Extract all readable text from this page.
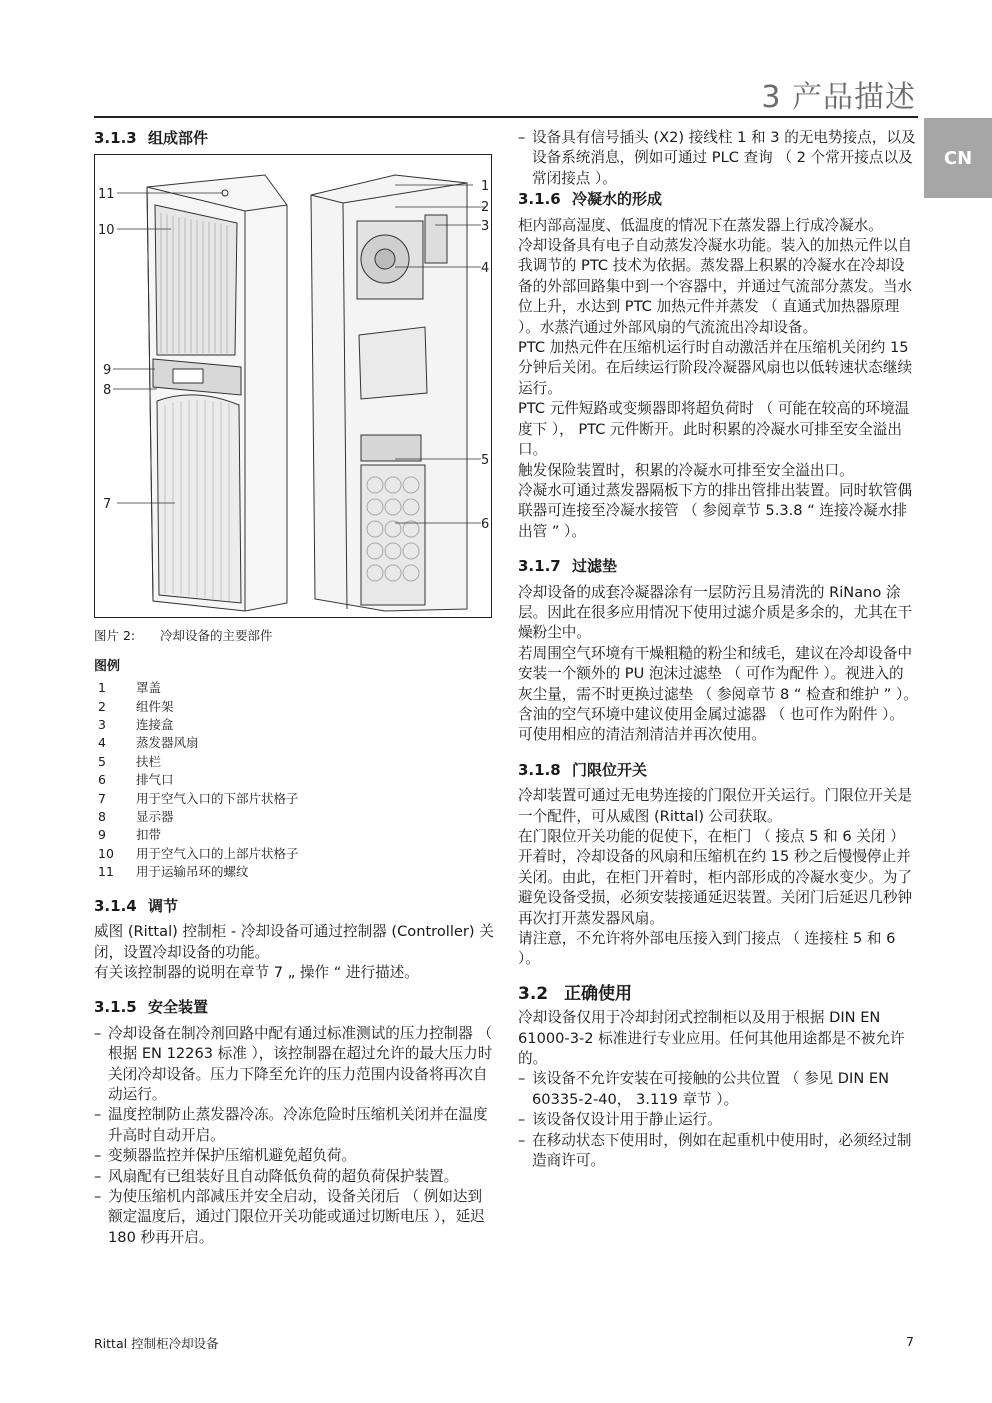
3 产品描述
CN
3.1.3 组成部件
11
10
9
8
7
1
2
3
4
5
6
图片 2: 冷却设备的主要部件
图例
1	罩盖
2	组件架
3	连接盒
4	蒸发器风扇
5	扶栏
6	排气口
7	用于空气入口的下部片状格子
8	显示器
9	扣带
10	用于空气入口的上部片状格子
11	用于运输吊环的螺纹
3.1.4 调节

威图 (Rittal) 控制柜 - 冷却设备可通过控制器 (Controller) 关闭，设置冷却设备的功能。

有关该控制器的说明在章节 7 „ 操作 “ 进行描述。

3.1.5 安全装置
– 冷却设备在制冷剂回路中配有通过标准测试的压力控制器 （ 根据 EN 12263 标准 ），该控制器在超过允许的最大压力时关闭冷却设备。压力下降至允许的压力范围内设备将再次自动运行。
– 温度控制防止蒸发器冷冻。冷冻危险时压缩机关闭并在温度升高时自动开启。
– 变频器监控并保护压缩机避免超负荷。
– 风扇配有已组装好且自动降低负荷的超负荷保护装置。
– 为使压缩机内部减压并安全启动，设备关闭后 （ 例如达到额定温度后，通过门限位开关功能或通过切断电压 ），延迟 180 秒再开启。
– 设备具有信号插头 (X2) 接线柱 1 和 3 的无电势接点，以及设备系统消息，例如可通过 PLC 查询 （ 2 个常开接点以及常闭接点 ）。
3.1.6 冷凝水的形成

柜内部高湿度、低温度的情况下在蒸发器上行成冷凝水。

冷却设备具有电子自动蒸发冷凝水功能。装入的加热元件以自我调节的 PTC 技术为依据。蒸发器上积累的冷凝水在冷却设备的外部回路集中到一个容器中，并通过气流部分蒸发。当水位上升，水达到 PTC 加热元件并蒸发 （ 直通式加热器原理 ）。水蒸汽通过外部风扇的气流流出冷却设备。

PTC 加热元件在压缩机运行时自动激活并在压缩机关闭约 15 分钟后关闭。在后续运行阶段冷凝器风扇也以低转速状态继续运行。

PTC 元件短路或变频器即将超负荷时 （ 可能在较高的环境温度下 ）， PTC 元件断开。此时积累的冷凝水可排至安全溢出口。

触发保险装置时，积累的冷凝水可排至安全溢出口。

冷凝水可通过蒸发器隔板下方的排出管排出装置。同时软管偶联器可连接至冷凝水接管 （ 参阅章节 5.3.8 “ 连接冷凝水排出管 ” ）。

3.1.7 过滤垫

冷却设备的成套冷凝器涂有一层防污且易清洗的 RiNano 涂层。因此在很多应用情况下使用过滤介质是多余的，尤其在干燥粉尘中。

若周围空气环境有干燥粗糙的粉尘和绒毛，建议在冷却设备中安装一个额外的 PU 泡沫过滤垫 （ 可作为配件 ）。视进入的灰尘量，需不时更换过滤垫 （ 参阅章节 8 “ 检查和维护 ” ）。

含油的空气环境中建议使用金属过滤器 （ 也可作为附件 ）。可使用相应的清洁剂清洁并再次使用。

3.1.8 门限位开关

冷却装置可通过无电势连接的门限位开关运行。门限位开关是一个配件，可从威图 (Rittal) 公司获取。

在门限位开关功能的促使下，在柜门 （ 接点 5 和 6 关闭 ）开着时，冷却设备的风扇和压缩机在约 15 秒之后慢慢停止并关闭。由此，在柜门开着时，柜内部形成的冷凝水变少。为了避免设备受损，必须安装接通延迟装置。关闭门后延迟几秒钟再次打开蒸发器风扇。

请注意，不允许将外部电压接入到门接点 （ 连接柱 5 和 6 ）。

3.2 正确使用

冷却设备仅用于冷却封闭式控制柜以及用于根据 DIN EN 61000-3-2 标准进行专业应用。任何其他用途都是不被允许的。

– 该设备不允许安装在可接触的公共位置 （ 参见 DIN EN 60335-2-40， 3.119 章节 ）。
– 该设备仅设计用于静止运行。
– 在移动状态下使用时，例如在起重机中使用时，必须经过制造商许可。
Rittal 控制柜冷却设备	7
